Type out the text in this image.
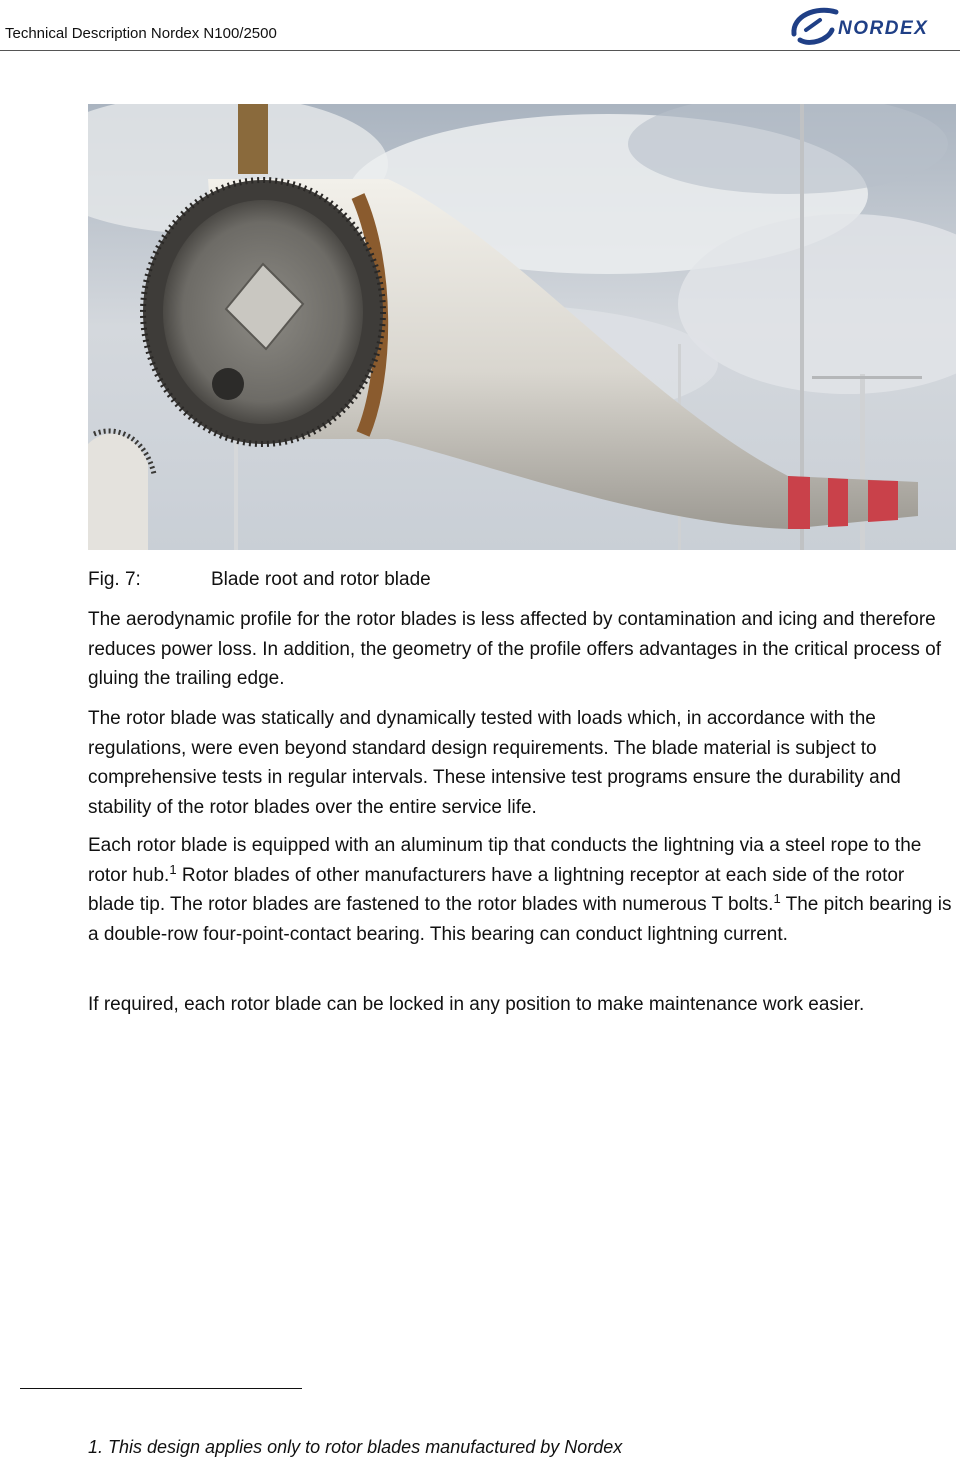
Technical Description Nordex N100/2500	NORDEX
Fig. 7:	Blade root and rotor blade

The aerodynamic profile for the rotor blades is less affected by contamination and icing and therefore reduces power loss. In addition, the geometry of the profile offers advantages in the critical process of gluing the trailing edge.

The rotor blade was statically and dynamically tested with loads which, in accordance with the regulations, were even beyond standard design requirements. The blade material is subject to comprehensive tests in regular intervals. These intensive test programs ensure the durability and stability of the rotor blades over the entire service life.

Each rotor blade is equipped with an aluminum tip that conducts the lightning via a steel rope to the rotor hub.$^1$ Rotor blades of other manufacturers have a lightning receptor at each side of the rotor blade tip. The rotor blades are fastened to the rotor blades with numerous T bolts.$^1$ The pitch bearing is a double-row four-point-contact bearing. This bearing can conduct lightning current.

If required, each rotor blade can be locked in any position to make maintenance work easier.

1. This design applies only to rotor blades manufactured by Nordex
